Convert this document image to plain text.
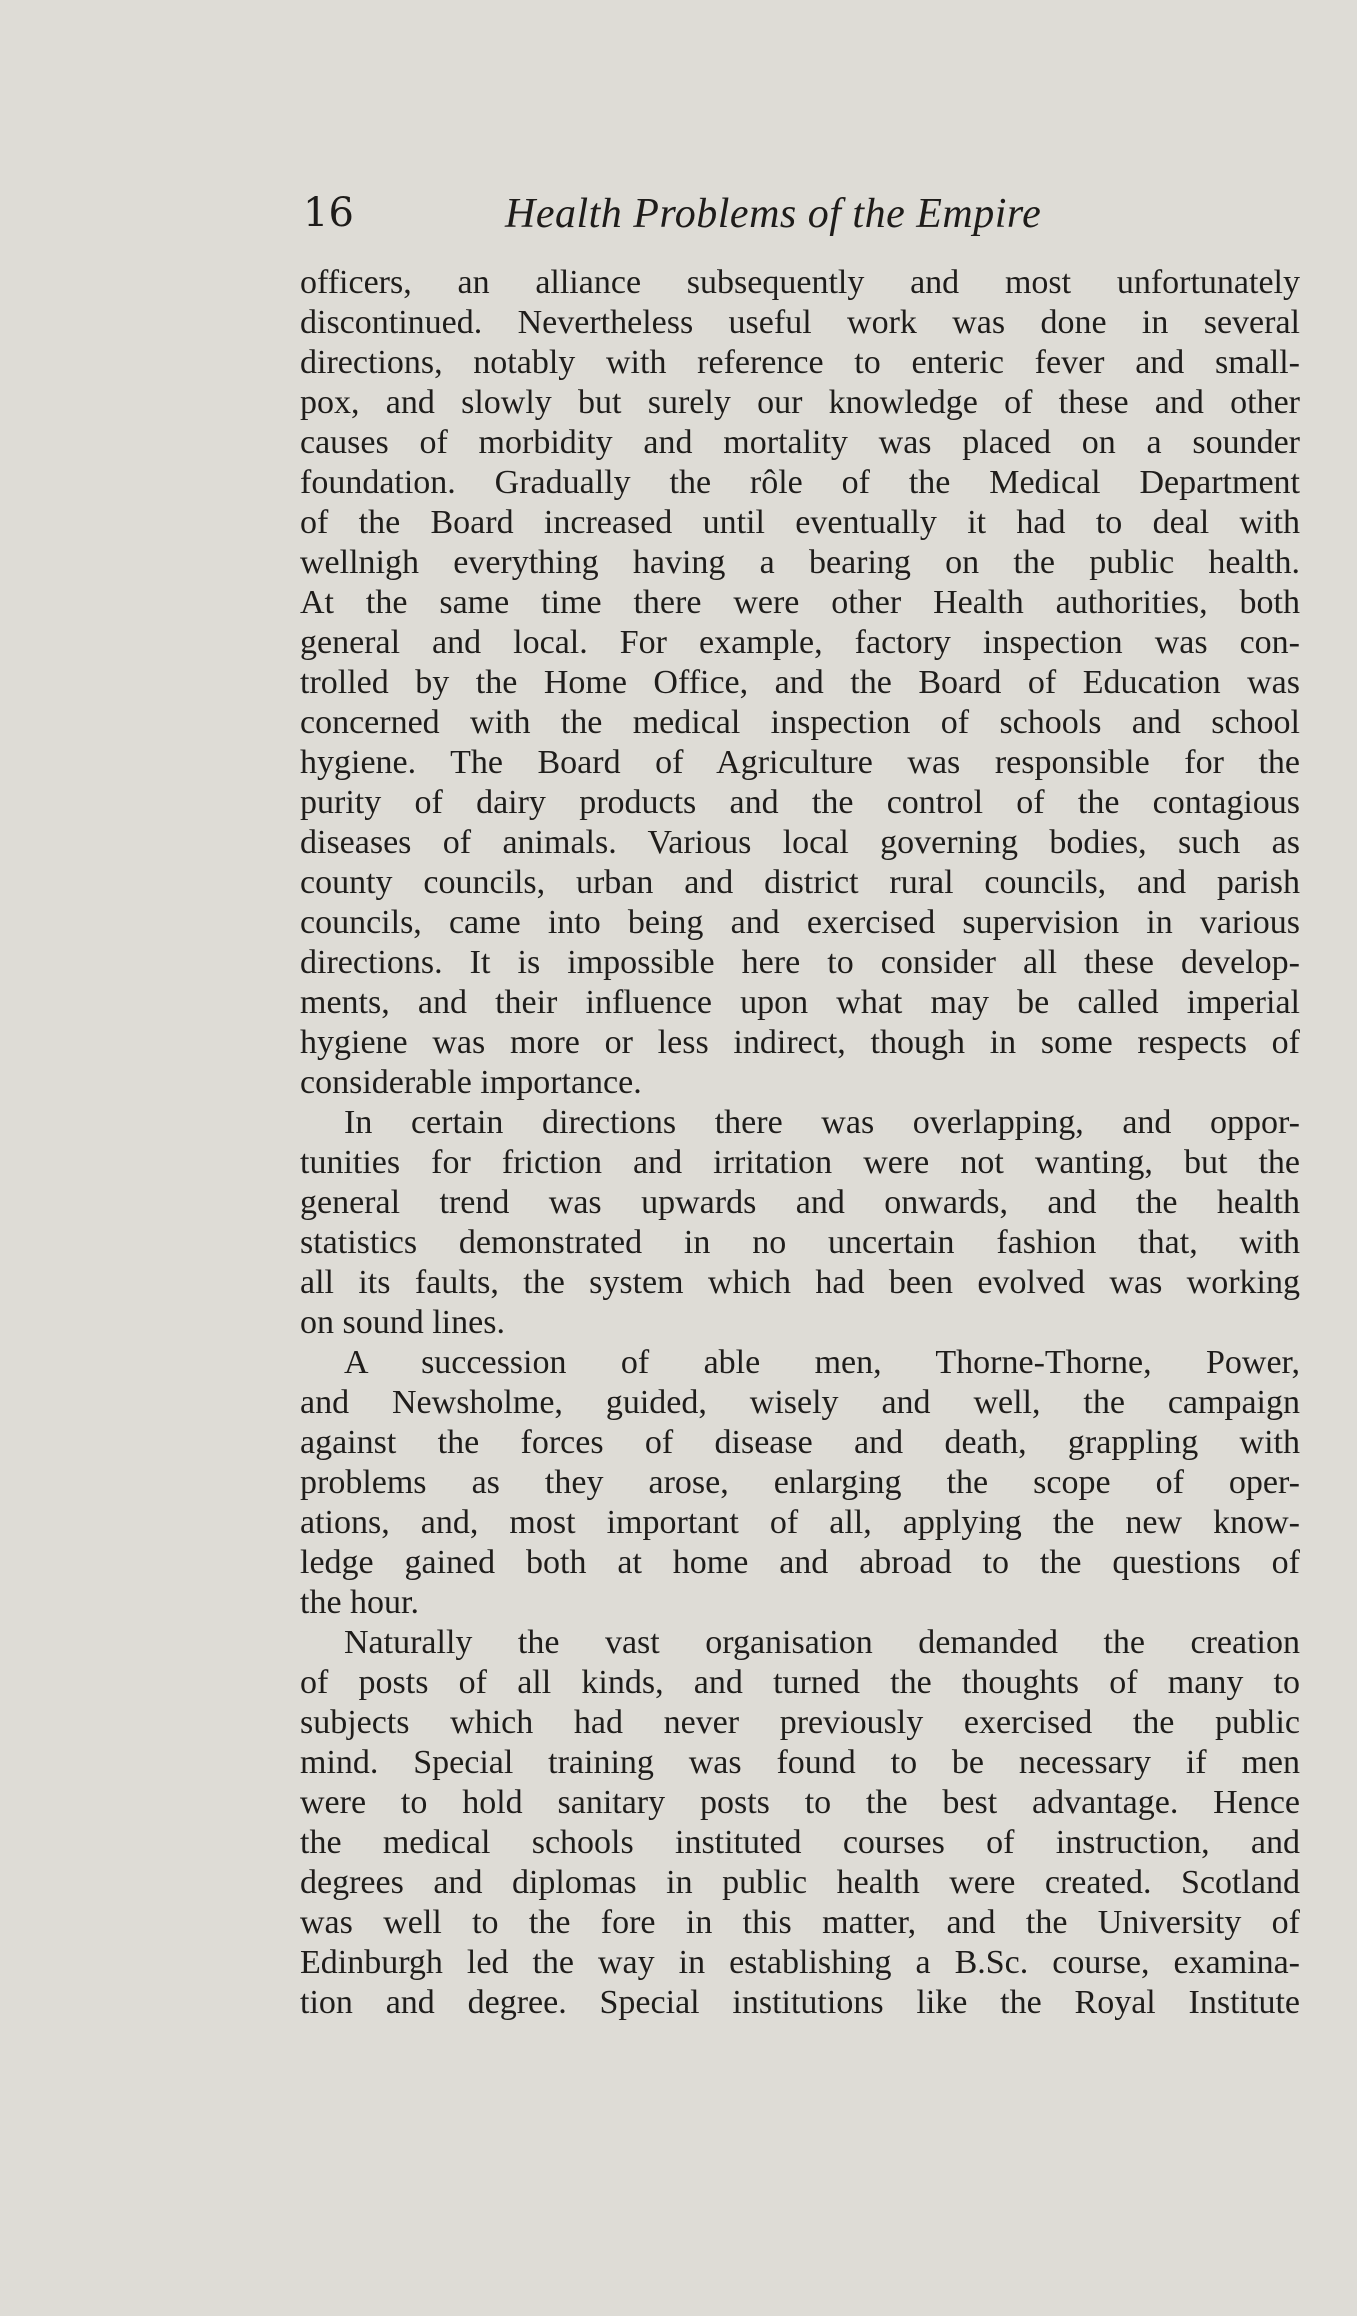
16	Health Problems of the Empire
officers, an alliance subsequently and most unfortunately
discontinued. Nevertheless useful work was done in several
directions, notably with reference to enteric fever and small-
pox, and slowly but surely our knowledge of these and other
causes of morbidity and mortality was placed on a sounder
foundation. Gradually the rôle of the Medical Department
of the Board increased until eventually it had to deal with
wellnigh everything having a bearing on the public health.
At the same time there were other Health authorities, both
general and local. For example, factory inspection was con-
trolled by the Home Office, and the Board of Education was
concerned with the medical inspection of schools and school
hygiene. The Board of Agriculture was responsible for the
purity of dairy products and the control of the contagious
diseases of animals. Various local governing bodies, such as
county councils, urban and district rural councils, and parish
councils, came into being and exercised supervision in various
directions. It is impossible here to consider all these develop-
ments, and their influence upon what may be called imperial
hygiene was more or less indirect, though in some respects of
considerable importance.
In certain directions there was overlapping, and oppor-
tunities for friction and irritation were not wanting, but the
general trend was upwards and onwards, and the health
statistics demonstrated in no uncertain fashion that, with
all its faults, the system which had been evolved was working
on sound lines.
A succession of able men, Thorne-Thorne, Power,
and Newsholme, guided, wisely and well, the campaign
against the forces of disease and death, grappling with
problems as they arose, enlarging the scope of oper-
ations, and, most important of all, applying the new know-
ledge gained both at home and abroad to the questions of
the hour.
Naturally the vast organisation demanded the creation
of posts of all kinds, and turned the thoughts of many to
subjects which had never previously exercised the public
mind. Special training was found to be necessary if men
were to hold sanitary posts to the best advantage. Hence
the medical schools instituted courses of instruction, and
degrees and diplomas in public health were created. Scotland
was well to the fore in this matter, and the University of
Edinburgh led the way in establishing a B.Sc. course, examina-
tion and degree. Special institutions like the Royal Institute
